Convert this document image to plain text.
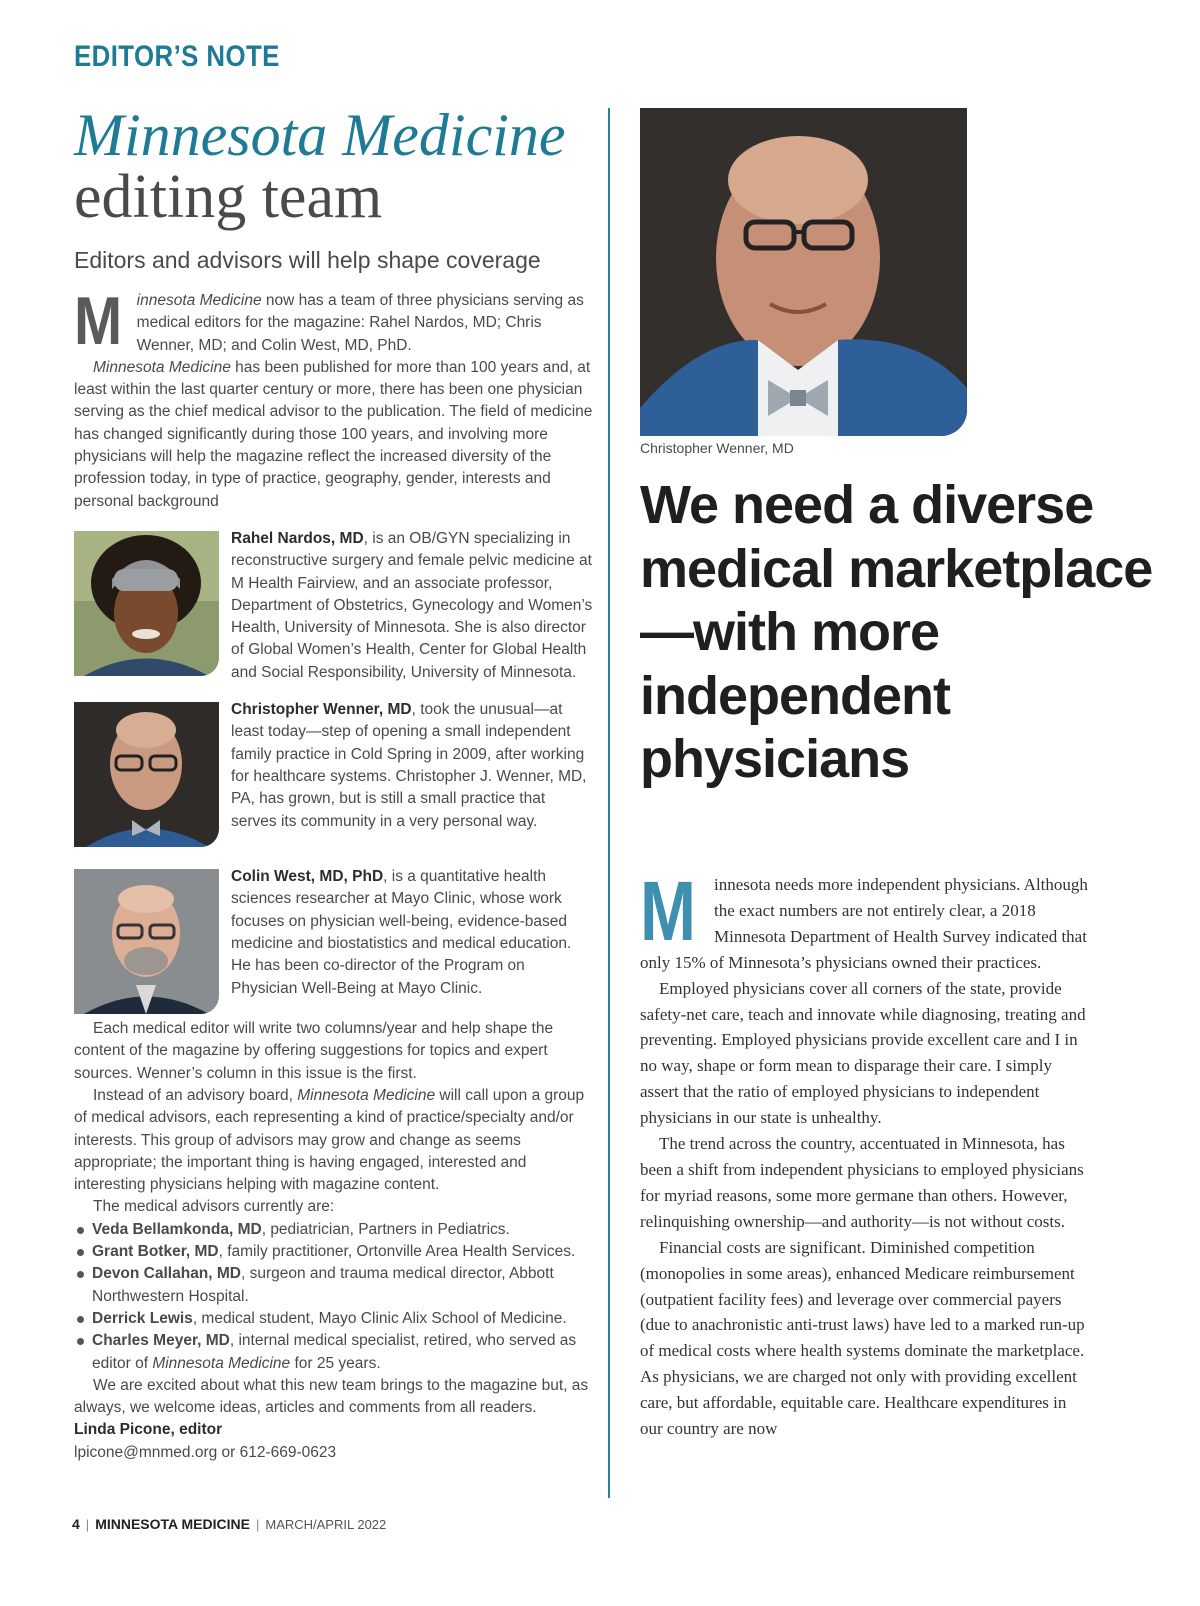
EDITOR’S NOTE
Minnesota Medicine
editing team
Editors and advisors will help shape coverage

Minnesota Medicine now has a team of three physicians serving as medical editors for the magazine: Rahel Nardos, MD; Chris Wenner, MD; and Colin West, MD, PhD.

Minnesota Medicine has been published for more than 100 years and, at least within the last quarter century or more, there has been one physician serving as the chief medical advisor to the publication. The field of medicine has changed significantly during those 100 years, and involving more physicians will help the magazine reflect the increased diversity of the profession today, in type of practice, geography, gender, interests and personal background

Rahel Nardos, MD, is an OB/GYN specializing in reconstructive surgery and female pelvic medicine at M Health Fairview, and an associate professor, Department of Obstetrics, Gynecology and Women’s Health, University of Minnesota. She is also director of Global Women’s Health, Center for Global Health and Social Responsibility, University of Minnesota.
Christopher Wenner, MD, took the unusual—at least today—step of opening a small independent family practice in Cold Spring in 2009, after working for healthcare systems. Christopher J. Wenner, MD, PA, has grown, but is still a small practice that serves its community in a very personal way.
Colin West, MD, PhD, is a quantitative health sciences researcher at Mayo Clinic, whose work focuses on physician well-being, evidence-based medicine and biostatistics and medical education. He has been co-director of the Program on Physician Well-Being at Mayo Clinic.

Each medical editor will write two columns/year and help shape the content of the magazine by offering suggestions for topics and expert sources. Wenner’s column in this issue is the first.

Instead of an advisory board, Minnesota Medicine will call upon a group of medical advisors, each representing a kind of practice/specialty and/or interests. This group of advisors may grow and change as seems appropriate; the important thing is having engaged, interested and interesting physicians helping with magazine content.

The medical advisors currently are:

Veda Bellamkonda, MD, pediatrician, Partners in Pediatrics.
Grant Botker, MD, family practitioner, Ortonville Area Health Services.
Devon Callahan, MD, surgeon and trauma medical director, Abbott Northwestern Hospital.
Derrick Lewis, medical student, Mayo Clinic Alix School of Medicine.
Charles Meyer, MD, internal medical specialist, retired, who served as editor of Minnesota Medicine for 25 years.

We are excited about what this new team brings to the magazine but, as always, we welcome ideas, articles and comments from all readers.

Linda Picone, editor

lpicone@mnmed.org or 612-669-0623

Christopher Wenner, MD
We need a diverse medical marketplace—with more independent physicians

M innesota needs more independent physicians. Although the exact numbers are not entirely clear, a 2018 Minnesota Department of Health Survey indicated that only 15% of Minnesota’s physicians owned their practices.

Employed physicians cover all corners of the state, provide safety-net care, teach and innovate while diagnosing, treating and preventing. Employed physicians provide excellent care and I in no way, shape or form mean to disparage their care. I simply assert that the ratio of employed physicians to independent physicians in our state is unhealthy.

The trend across the country, accentuated in Minnesota, has been a shift from independent physicians to employed physicians for myriad reasons, some more germane than others. However, relinquishing ownership—and authority—is not without costs.

Financial costs are significant. Diminished competition (monopolies in some areas), enhanced Medicare reimbursement (outpatient facility fees) and leverage over commercial payers (due to anachronistic anti-trust laws) have led to a marked run-up of medical costs where health systems dominate the marketplace. As physicians, we are charged not only with providing excellent care, but affordable, equitable care. Healthcare expenditures in our country are now

4 | MINNESOTA MEDICINE | MARCH/APRIL 2022
